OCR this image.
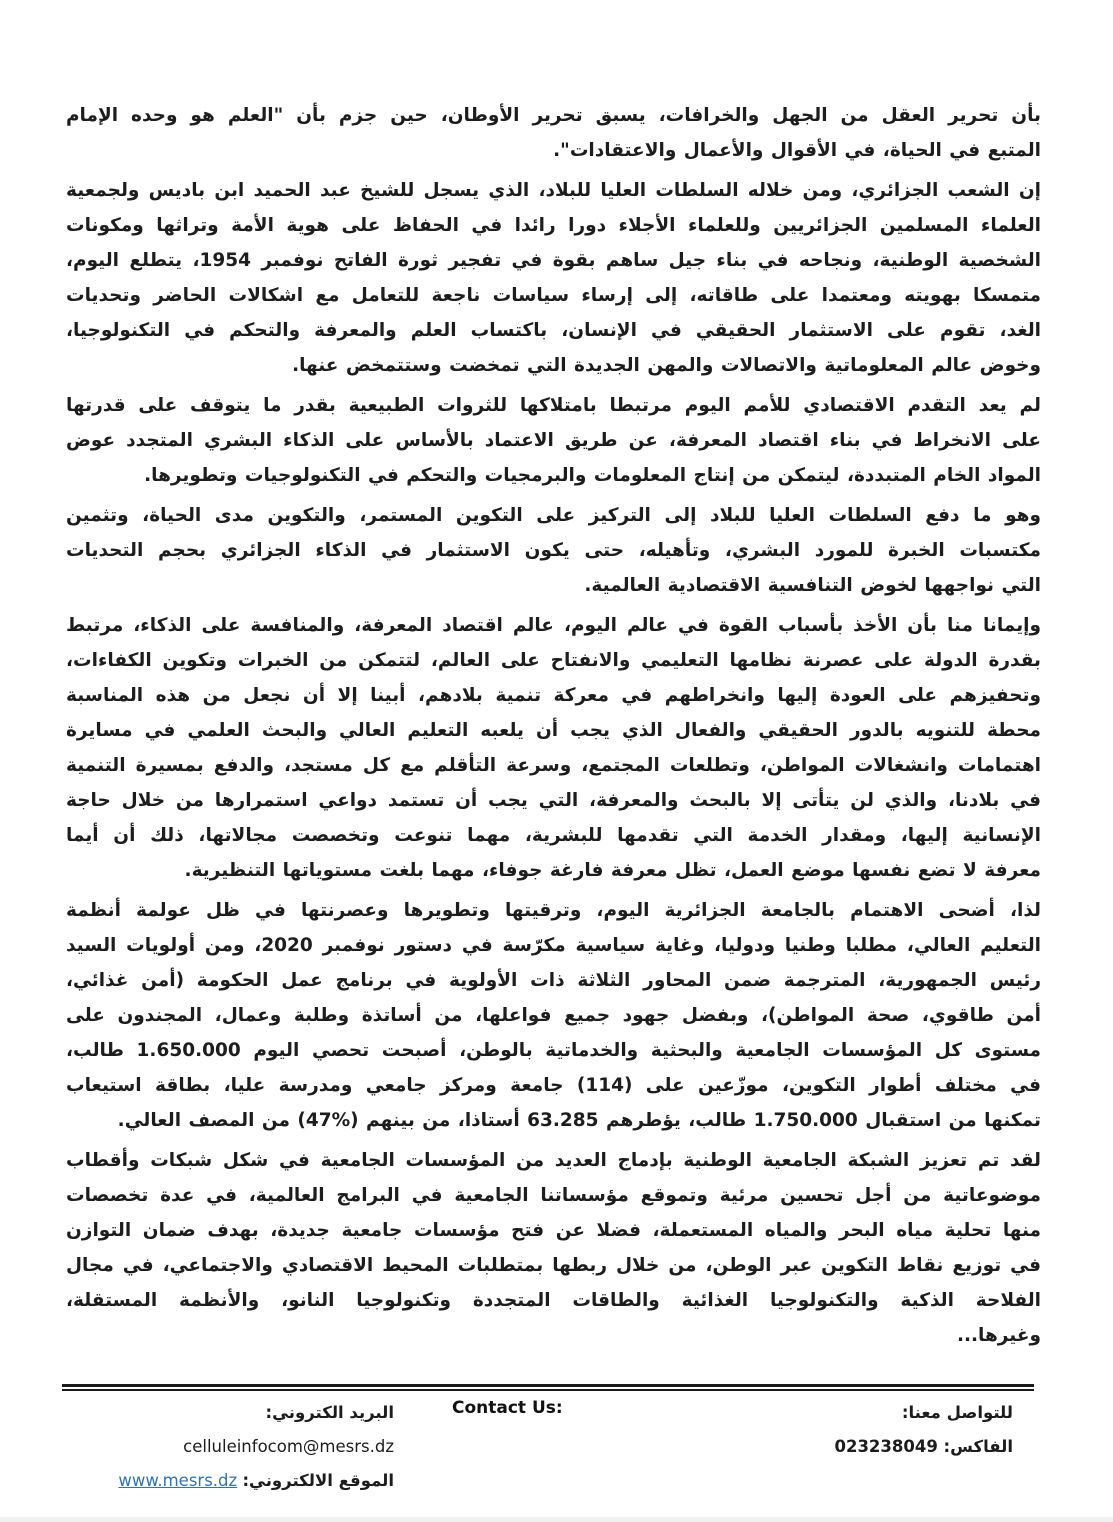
بأن تحرير العقل من الجهل والخرافات، يسبق تحرير الأوطان، حين جزم بأن "العلم هو وحده الإمام
المتبع في الحياة، في الأقوال والأعمال والاعتقادات".
إن الشعب الجزائري، ومن خلاله السلطات العليا للبلاد، الذي يسجل للشيخ عبد الحميد ابن باديس ولجمعية
العلماء المسلمين الجزائريين وللعلماء الأجلاء دورا رائدا في الحفاظ على هوية الأمة وتراثها ومكونات
الشخصية الوطنية، ونجاحه في بناء جيل ساهم بقوة في تفجير ثورة الفاتح نوفمبر 1954، يتطلع اليوم،
متمسكا بهويته ومعتمدا على طاقاته، إلى إرساء سياسات ناجعة للتعامل مع اشكالات الحاضر وتحديات
الغد، تقوم على الاستثمار الحقيقي في الإنسان، باكتساب العلم والمعرفة والتحكم في التكنولوجيا،
وخوض عالم المعلوماتية والاتصالات والمهن الجديدة التي تمخضت وستتمخض عنها.
لم يعد التقدم الاقتصادي للأمم اليوم مرتبطا بامتلاكها للثروات الطبيعية بقدر ما يتوقف على قدرتها
على الانخراط في بناء اقتصاد المعرفة، عن طريق الاعتماد بالأساس على الذكاء البشري المتجدد عوض
المواد الخام المتبددة، ليتمكن من إنتاج المعلومات والبرمجيات والتحكم في التكنولوجيات وتطويرها.
وهو ما دفع السلطات العليا للبلاد إلى التركيز على التكوين المستمر، والتكوين مدى الحياة، وتثمين
مكتسبات الخبرة للمورد البشري، وتأهيله، حتى يكون الاستثمار في الذكاء الجزائري بحجم التحديات
التي نواجهها لخوض التنافسية الاقتصادية العالمية.
وإيمانا منا بأن الأخذ بأسباب القوة في عالم اليوم، عالم اقتصاد المعرفة، والمنافسة على الذكاء، مرتبط
بقدرة الدولة على عصرنة نظامها التعليمي والانفتاح على العالم، لتتمكن من الخبرات وتكوين الكفاءات،
وتحفيزهم على العودة إليها وانخراطهم في معركة تنمية بلادهم، أبينا إلا أن نجعل من هذه المناسبة
محطة للتنويه بالدور الحقيقي والفعال الذي يجب أن يلعبه التعليم العالي والبحث العلمي في مسايرة
اهتمامات وانشغالات المواطن، وتطلعات المجتمع، وسرعة التأقلم مع كل مستجد، والدفع بمسيرة التنمية
في بلادنا، والذي لن يتأتى إلا بالبحث والمعرفة، التي يجب أن تستمد دواعي استمرارها من خلال حاجة
الإنسانية إليها، ومقدار الخدمة التي تقدمها للبشرية، مهما تنوعت وتخصصت مجالاتها، ذلك أن أيما
معرفة لا تضع نفسها موضع العمل، تظل معرفة فارغة جوفاء، مهما بلغت مستوياتها التنظيرية.
لذا، أضحى الاهتمام بالجامعة الجزائرية اليوم، وترقيتها وتطويرها وعصرنتها في ظل عولمة أنظمة
التعليم العالي، مطلبا وطنيا ودوليا، وغاية سياسية مكرّسة في دستور نوفمبر 2020، ومن أولويات السيد
رئيس الجمهورية، المترجمة ضمن المحاور الثلاثة ذات الأولوية في برنامج عمل الحكومة (أمن غذائي،
أمن طاقوي، صحة المواطن)، وبفضل جهود جميع فواعلها، من أساتذة وطلبة وعمال، المجندون على
مستوى كل المؤسسات الجامعية والبحثية والخدماتية بالوطن، أصبحت تحصي اليوم 1.650.000 طالب،
في مختلف أطوار التكوين، موزّعين على (114) جامعة ومركز جامعي ومدرسة عليا، بطاقة استيعاب
تمكنها من استقبال 1.750.000 طالب، يؤطرهم 63.285 أستاذا، من بينهم (%47) من المصف العالي.
لقد تم تعزيز الشبكة الجامعية الوطنية بإدماج العديد من المؤسسات الجامعية في شكل شبكات وأقطاب
موضوعاتية من أجل تحسين مرئية وتموقع مؤسساتنا الجامعية في البرامج العالمية، في عدة تخصصات
منها تحلية مياه البحر والمياه المستعملة، فضلا عن فتح مؤسسات جامعية جديدة، بهدف ضمان التوازن
في توزيع نقاط التكوين عبر الوطن، من خلال ربطها بمتطلبات المحيط الاقتصادي والاجتماعي، في مجال
الفلاحة الذكية والتكنولوجيا الغذائية والطاقات المتجددة وتكنولوجيا النانو، والأنظمة المستقلة،
وغيرها...
البريد الكتروني: celluleinfocom@mesrs.dz
الموقع الالكتروني: www.mesrs.dz
Contact Us:	للتواصل معنا:
الفاكس: 023238049
